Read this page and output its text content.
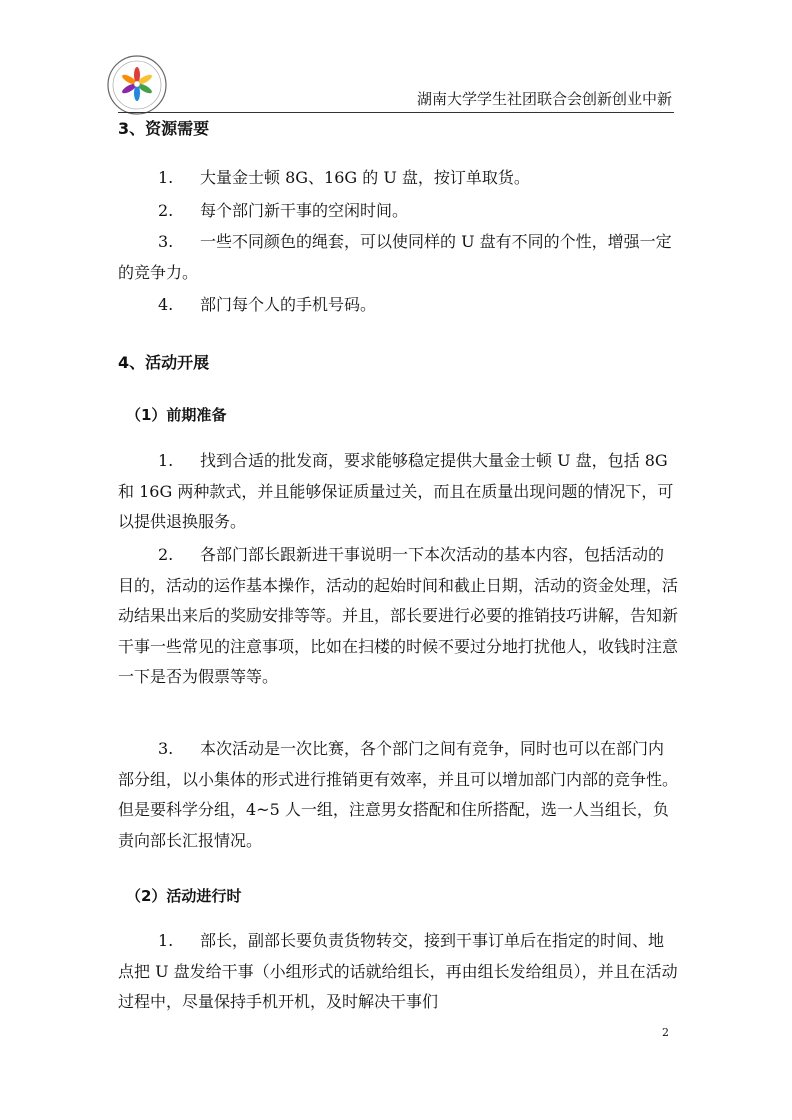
湖南大学学生社团联合会创新创业中新
3、资源需要

1. 大量金士顿 8G、16G 的 U 盘，按订单取货。

2. 每个部门新干事的空闲时间。

3. 一些不同颜色的绳套，可以使同样的 U 盘有不同的个性，增强一定的竞争力。

4. 部门每个人的手机号码。

4、活动开展
（1）前期准备

1. 找到合适的批发商，要求能够稳定提供大量金士顿 U 盘，包括 8G 和 16G 两种款式，并且能够保证质量过关，而且在质量出现问题的情况下，可以提供退换服务。

2. 各部门部长跟新进干事说明一下本次活动的基本内容，包括活动的目的，活动的运作基本操作，活动的起始时间和截止日期，活动的资金处理，活动结果出来后的奖励安排等等。并且，部长要进行必要的推销技巧讲解，告知新干事一些常见的注意事项，比如在扫楼的时候不要过分地打扰他人，收钱时注意一下是否为假票等等。

3. 本次活动是一次比赛，各个部门之间有竞争，同时也可以在部门内部分组，以小集体的形式进行推销更有效率，并且可以增加部门内部的竞争性。但是要科学分组，4~5 人一组，注意男女搭配和住所搭配，选一人当组长，负责向部长汇报情况。

（2）活动进行时

1. 部长，副部长要负责货物转交，接到干事订单后在指定的时间、地点把 U 盘发给干事（小组形式的话就给组长，再由组长发给组员），并且在活动过程中，尽量保持手机开机，及时解决干事们

2
